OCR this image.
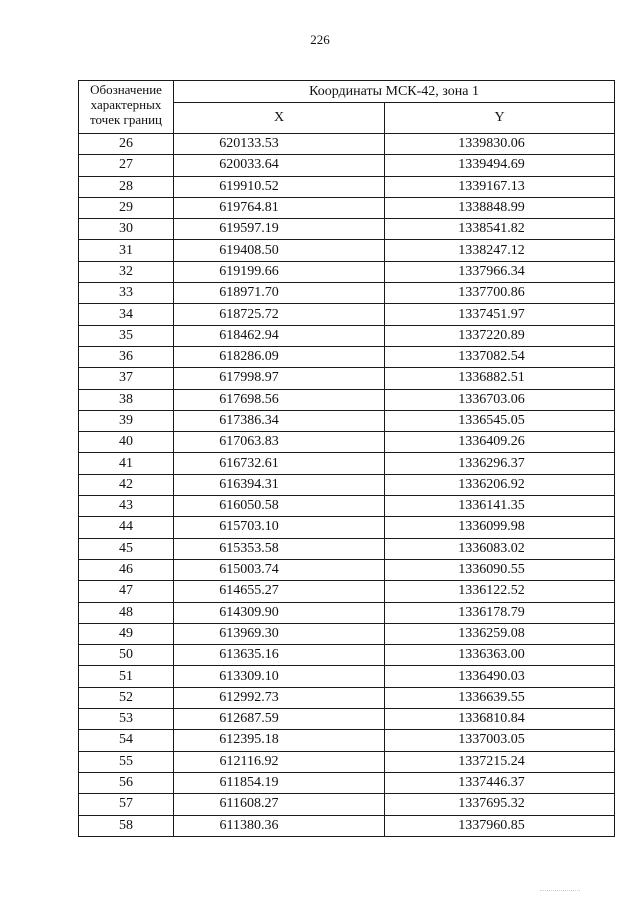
226
Обозначение характерных точек границ	Координаты МСК-42, зона 1	
	X	Y
26	620133.53	1339830.06
27	620033.64	1339494.69
28	619910.52	1339167.13
29	619764.81	1338848.99
30	619597.19	1338541.82
31	619408.50	1338247.12
32	619199.66	1337966.34
33	618971.70	1337700.86
34	618725.72	1337451.97
35	618462.94	1337220.89
36	618286.09	1337082.54
37	617998.97	1336882.51
38	617698.56	1336703.06
39	617386.34	1336545.05
40	617063.83	1336409.26
41	616732.61	1336296.37
42	616394.31	1336206.92
43	616050.58	1336141.35
44	615703.10	1336099.98
45	615353.58	1336083.02
46	615003.74	1336090.55
47	614655.27	1336122.52
48	614309.90	1336178.79
49	613969.30	1336259.08
50	613635.16	1336363.00
51	613309.10	1336490.03
52	612992.73	1336639.55
53	612687.59	1336810.84
54	612395.18	1337003.05
55	612116.92	1337215.24
56	611854.19	1337446.37
57	611608.27	1337695.32
58	611380.36	1337960.85
